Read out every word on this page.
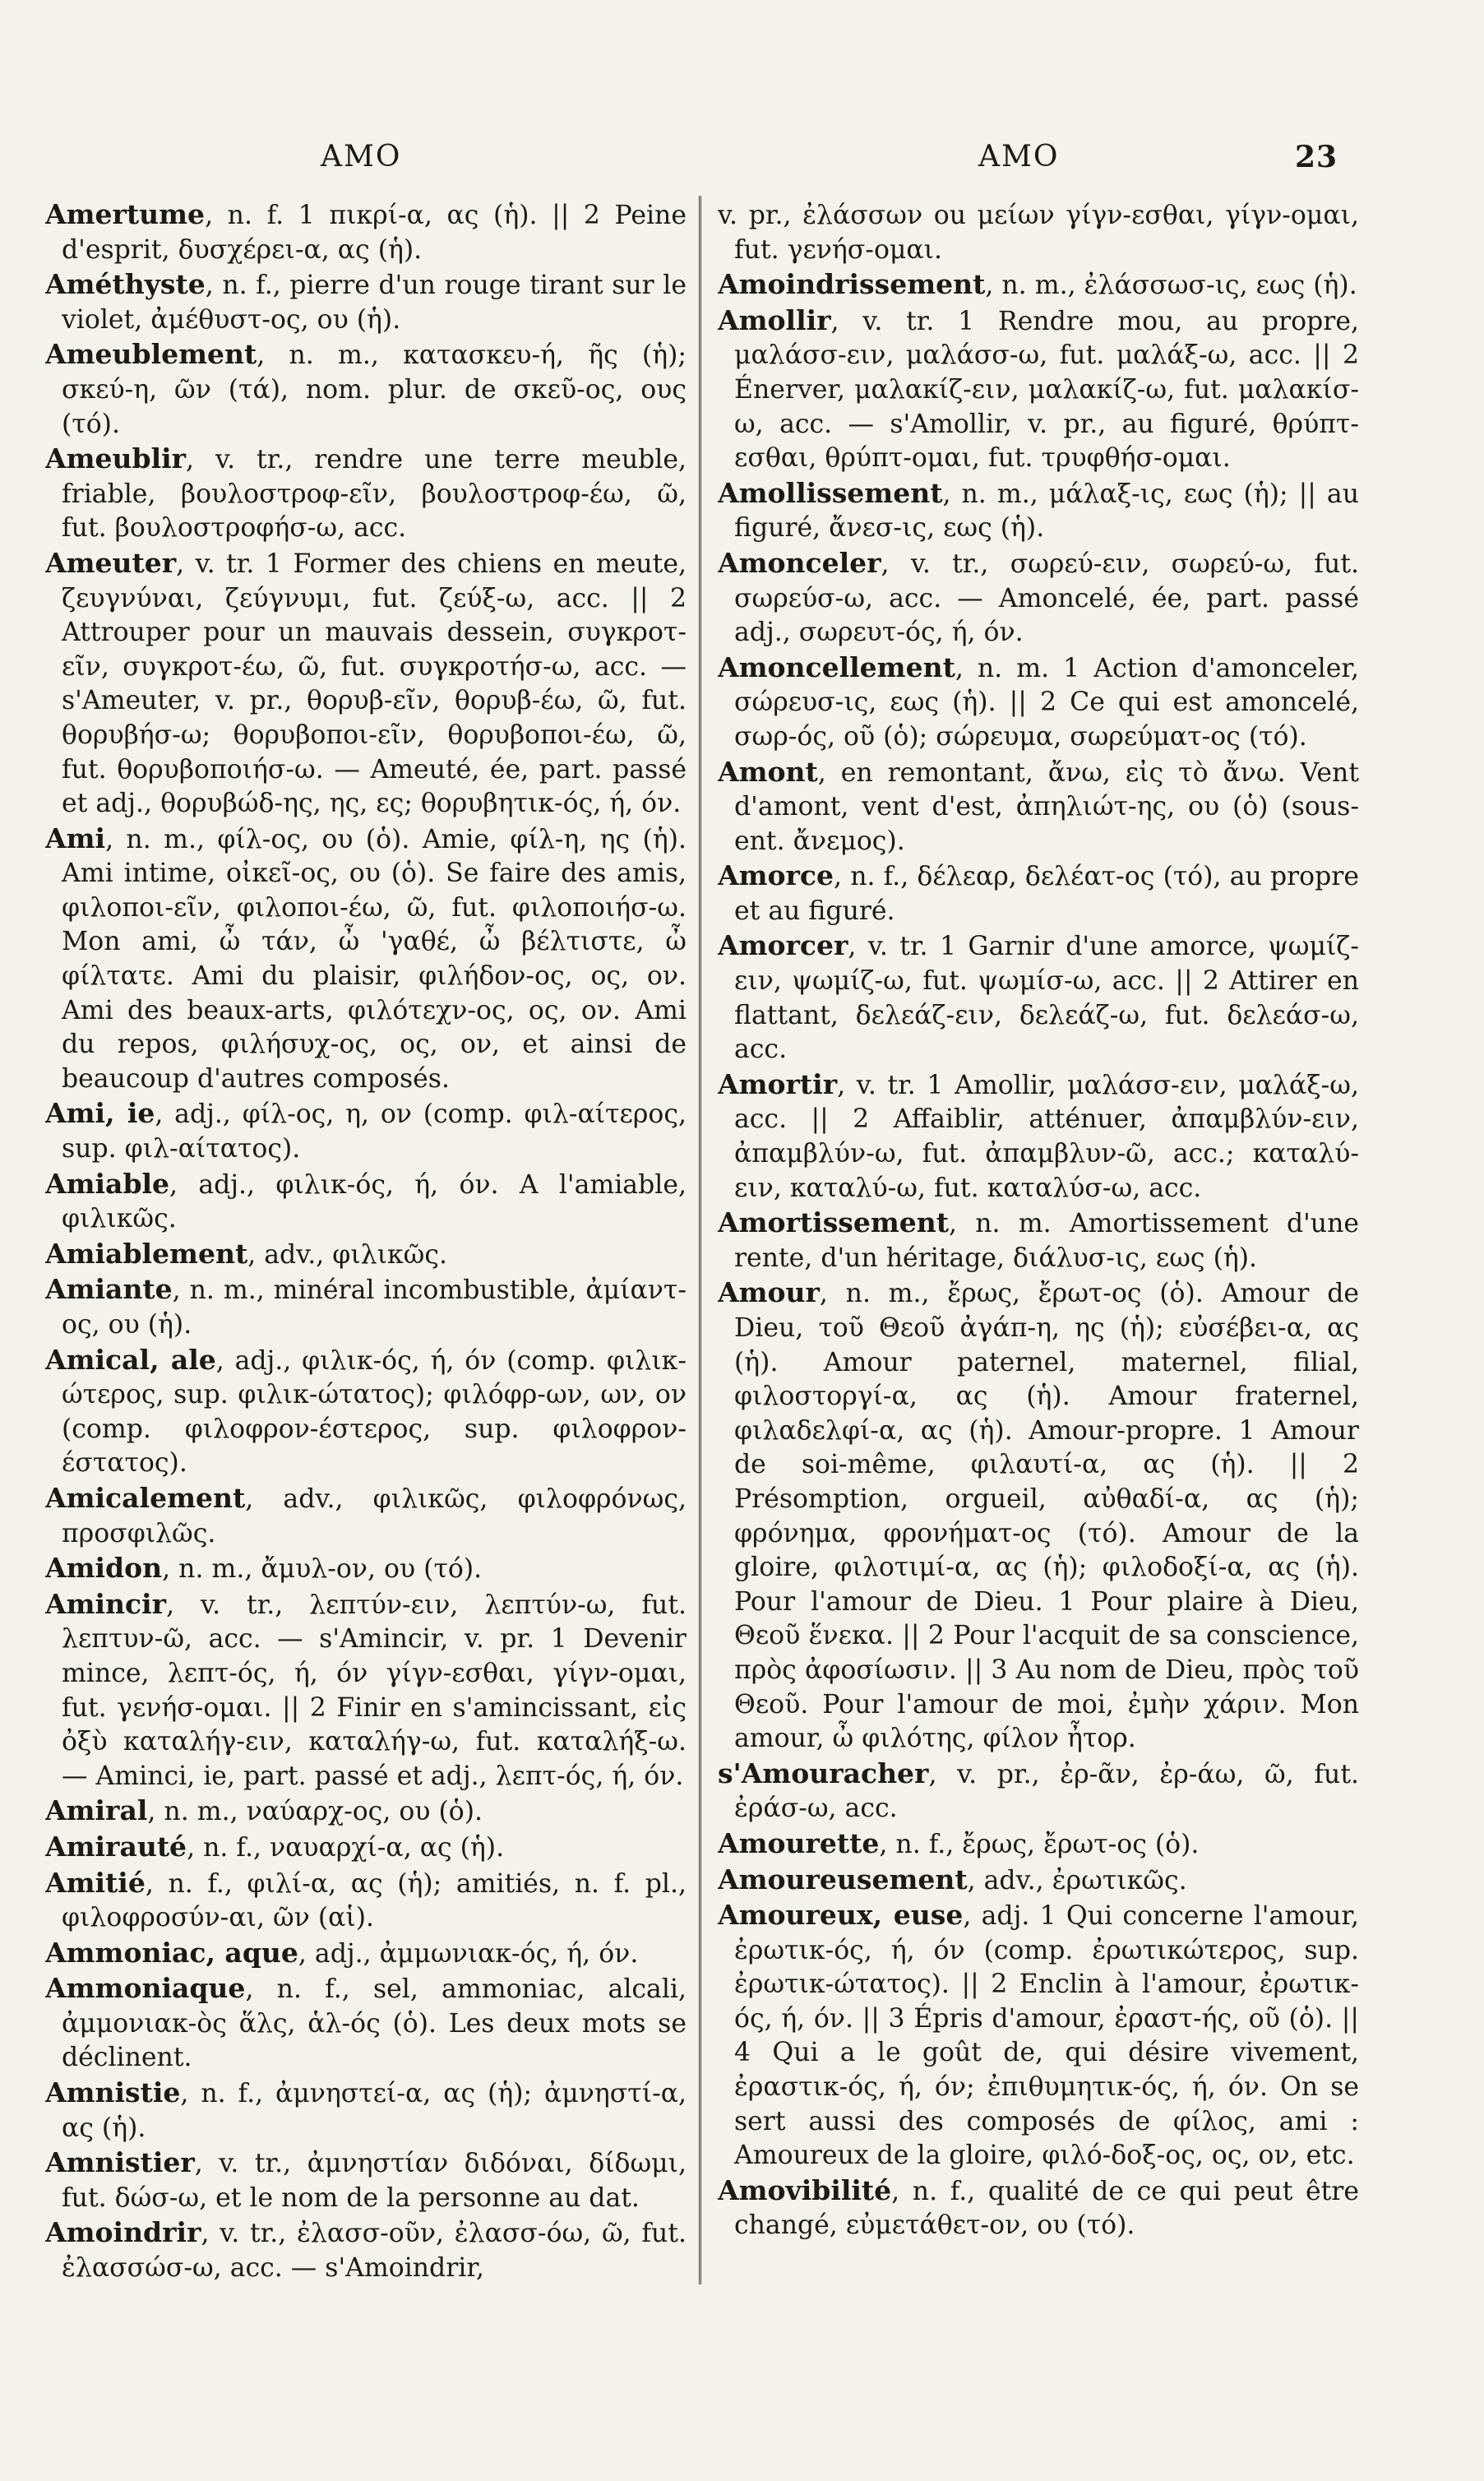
AMO	AMO	23

Amertume, n. f. 1 πικρί-α, ας (ἡ). || 2 Peine d'esprit, δυσχέρει-α, ας (ἡ).

Améthyste, n. f., pierre d'un rouge tirant sur le violet, ἀμέθυστ-ος, ου (ἡ).

Ameublement, n. m., κατασκευ-ή, ῆς (ἡ); σκεύ-η, ῶν (τά), nom. plur. de σκεῦ-ος, ους (τό).

Ameublir, v. tr., rendre une terre meuble, friable, βουλοστροφ-εῖν, βουλοστροφ-έω, ῶ, fut. βουλοστροφήσ-ω, acc.

Ameuter, v. tr. 1 Former des chiens en meute, ζευγνύναι, ζεύγνυμι, fut. ζεύξ-ω, acc. || 2 Attrouper pour un mauvais dessein, συγκροτ-εῖν, συγκροτ-έω, ῶ, fut. συγκροτήσ-ω, acc. — s'Ameuter, v. pr., θορυβ-εῖν, θορυβ-έω, ῶ, fut. θορυβήσ-ω; θορυβοποι-εῖν, θορυβοποι-έω, ῶ, fut. θορυβοποιήσ-ω. — Ameuté, ée, part. passé et adj., θορυβώδ-ης, ης, ες; θορυβητικ-ός, ή, όν.

Ami, n. m., φίλ-ος, ου (ὁ). Amie, φίλ-η, ης (ἡ). Ami intime, οἰκεῖ-ος, ου (ὁ). Se faire des amis, φιλοποι-εῖν, φιλοποι-έω, ῶ, fut. φιλοποιήσ-ω. Mon ami, ὦ τάν, ὦ 'γαθέ, ὦ βέλτιστε, ὦ φίλτατε. Ami du plaisir, φιλήδον-ος, ος, ον. Ami des beaux-arts, φιλότεχν-ος, ος, ον. Ami du repos, φιλήσυχ-ος, ος, ον, et ainsi de beaucoup d'autres composés.

Ami, ie, adj., φίλ-ος, η, ον (comp. φιλ-αίτερος, sup. φιλ-αίτατος).

Amiable, adj., φιλικ-ός, ή, όν. A l'amiable, φιλικῶς.

Amiablement, adv., φιλικῶς.

Amiante, n. m., minéral incombustible, ἀμίαντ-ος, ου (ἡ).

Amical, ale, adj., φιλικ-ός, ή, όν (comp. φιλικ-ώτερος, sup. φιλικ-ώτατος); φιλόφρ-ων, ων, ον (comp. φιλοφρον-έστερος, sup. φιλοφρον-έστατος).

Amicalement, adv., φιλικῶς, φιλοφρόνως, προσφιλῶς.

Amidon, n. m., ἄμυλ-ον, ου (τό).

Amincir, v. tr., λεπτύν-ειν, λεπτύν-ω, fut. λεπτυν-ῶ, acc. — s'Amincir, v. pr. 1 Devenir mince, λεπτ-ός, ή, όν γίγν-εσθαι, γίγν-ομαι, fut. γενήσ-ομαι. || 2 Finir en s'amincissant, εἰς ὀξὺ καταλήγ-ειν, καταλήγ-ω, fut. καταλήξ-ω. — Aminci, ie, part. passé et adj., λεπτ-ός, ή, όν.

Amiral, n. m., ναύαρχ-ος, ου (ὁ).

Amirauté, n. f., ναυαρχί-α, ας (ἡ).

Amitié, n. f., φιλί-α, ας (ἡ); amitiés, n. f. pl., φιλοφροσύν-αι, ῶν (αἱ).

Ammoniac, aque, adj., ἀμμωνιακ-ός, ή, όν.

Ammoniaque, n. f., sel, ammoniac, alcali, ἀμμονιακ-ὸς ἅλς, ἁλ-ός (ὁ). Les deux mots se déclinent.

Amnistie, n. f., ἀμνηστεί-α, ας (ἡ); ἀμνηστί-α, ας (ἡ).

Amnistier, v. tr., ἀμνηστίαν διδόναι, δίδωμι, fut. δώσ-ω, et le nom de la personne au dat.

Amoindrir, v. tr., ἐλασσ-οῦν, ἐλασσ-όω, ῶ, fut. ἐλασσώσ-ω, acc. — s'Amoindrir,

v. pr., ἐλάσσων ou μείων γίγν-εσθαι, γίγν-ομαι, fut. γενήσ-ομαι.

Amoindrissement, n. m., ἐλάσσωσ-ις, εως (ἡ).

Amollir, v. tr. 1 Rendre mou, au propre, μαλάσσ-ειν, μαλάσσ-ω, fut. μαλάξ-ω, acc. || 2 Énerver, μαλακίζ-ειν, μαλακίζ-ω, fut. μαλακίσ-ω, acc. — s'Amollir, v. pr., au figuré, θρύπτ-εσθαι, θρύπτ-ομαι, fut. τρυφθήσ-ομαι.

Amollissement, n. m., μάλαξ-ις, εως (ἡ); || au figuré, ἄνεσ-ις, εως (ἡ).

Amonceler, v. tr., σωρεύ-ειν, σωρεύ-ω, fut. σωρεύσ-ω, acc. — Amoncelé, ée, part. passé adj., σωρευτ-ός, ή, όν.

Amoncellement, n. m. 1 Action d'amonceler, σώρευσ-ις, εως (ἡ). || 2 Ce qui est amoncelé, σωρ-ός, οῦ (ὁ); σώρευμα, σωρεύματ-ος (τό).

Amont, en remontant, ἄνω, εἰς τὸ ἄνω. Vent d'amont, vent d'est, ἀπηλιώτ-ης, ου (ὁ) (sous-ent. ἄνεμος).

Amorce, n. f., δέλεαρ, δελέατ-ος (τό), au propre et au figuré.

Amorcer, v. tr. 1 Garnir d'une amorce, ψωμίζ-ειν, ψωμίζ-ω, fut. ψωμίσ-ω, acc. || 2 Attirer en flattant, δελεάζ-ειν, δελεάζ-ω, fut. δελεάσ-ω, acc.

Amortir, v. tr. 1 Amollir, μαλάσσ-ειν, μαλάξ-ω, acc. || 2 Affaiblir, atténuer, ἀπαμβλύν-ειν, ἀπαμβλύν-ω, fut. ἀπαμβλυν-ῶ, acc.; καταλύ-ειν, καταλύ-ω, fut. καταλύσ-ω, acc.

Amortissement, n. m. Amortissement d'une rente, d'un héritage, διάλυσ-ις, εως (ἡ).

Amour, n. m., ἔρως, ἔρωτ-ος (ὁ). Amour de Dieu, τοῦ Θεοῦ ἀγάπ-η, ης (ἡ); εὐσέβει-α, ας (ἡ). Amour paternel, maternel, filial, φιλοστοργί-α, ας (ἡ). Amour fraternel, φιλαδελφί-α, ας (ἡ). Amour-propre. 1 Amour de soi-même, φιλαυτί-α, ας (ἡ). || 2 Présomption, orgueil, αὐθαδί-α, ας (ἡ); φρόνημα, φρονήματ-ος (τό). Amour de la gloire, φιλοτιμί-α, ας (ἡ); φιλοδοξί-α, ας (ἡ). Pour l'amour de Dieu. 1 Pour plaire à Dieu, Θεοῦ ἕνεκα. || 2 Pour l'acquit de sa conscience, πρὸς ἀφοσίωσιν. || 3 Au nom de Dieu, πρὸς τοῦ Θεοῦ. Pour l'amour de moi, ἐμὴν χάριν. Mon amour, ὦ φιλότης, φίλον ἦτορ.

s'Amouracher, v. pr., ἐρ-ᾶν, ἐρ-άω, ῶ, fut. ἐράσ-ω, acc.

Amourette, n. f., ἔρως, ἔρωτ-ος (ὁ).

Amoureusement, adv., ἐρωτικῶς.

Amoureux, euse, adj. 1 Qui concerne l'amour, ἐρωτικ-ός, ή, όν (comp. ἐρωτικώτερος, sup. ἐρωτικ-ώτατος). || 2 Enclin à l'amour, ἐρωτικ-ός, ή, όν. || 3 Épris d'amour, ἐραστ-ής, οῦ (ὁ). || 4 Qui a le goût de, qui désire vivement, ἐραστικ-ός, ή, όν; ἐπιθυμητικ-ός, ή, όν. On se sert aussi des composés de φίλος, ami : Amoureux de la gloire, φιλό-δοξ-ος, ος, ον, etc.

Amovibilité, n. f., qualité de ce qui peut être changé, εὐμετάθετ-ον, ου (τό).
